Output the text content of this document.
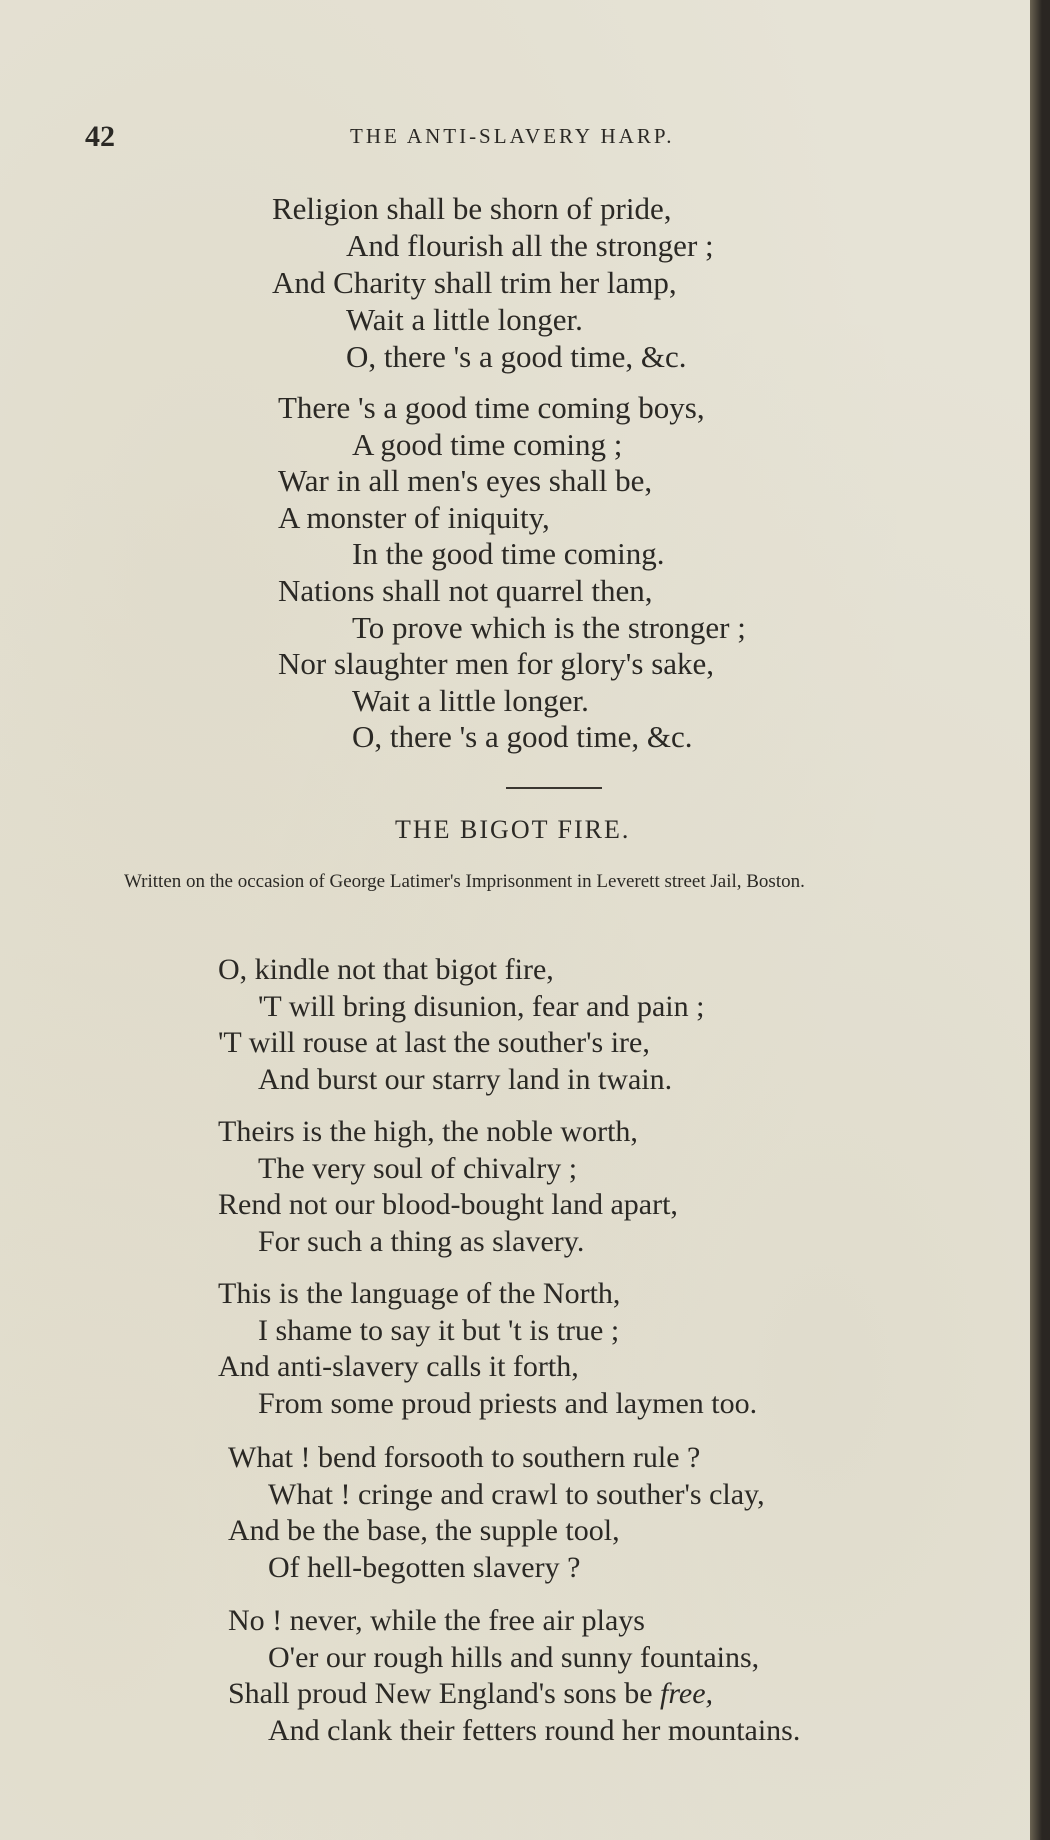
42	THE ANTI-SLAVERY HARP.
Religion shall be shorn of pride,
And flourish all the stronger ;
And Charity shall trim her lamp,
Wait a little longer.
O, there 's a good time, &c.
There 's a good time coming boys,
A good time coming ;
War in all men's eyes shall be,
A monster of iniquity,
In the good time coming.
Nations shall not quarrel then,
To prove which is the stronger ;
Nor slaughter men for glory's sake,
Wait a little longer.
O, there 's a good time, &c.
THE BIGOT FIRE.

Written on the occasion of George Latimer's Imprisonment in Leverett street Jail, Boston.

O, kindle not that bigot fire,
'T will bring disunion, fear and pain ;
'T will rouse at last the souther's ire,
And burst our starry land in twain.
Theirs is the high, the noble worth,
The very soul of chivalry ;
Rend not our blood-bought land apart,
For such a thing as slavery.
This is the language of the North,
I shame to say it but 't is true ;
And anti-slavery calls it forth,
From some proud priests and laymen too.
What ! bend forsooth to southern rule ?
What ! cringe and crawl to souther's clay,
And be the base, the supple tool,
Of hell-begotten slavery ?
No ! never, while the free air plays
O'er our rough hills and sunny fountains,
Shall proud New England's sons be free,
And clank their fetters round her mountains.
